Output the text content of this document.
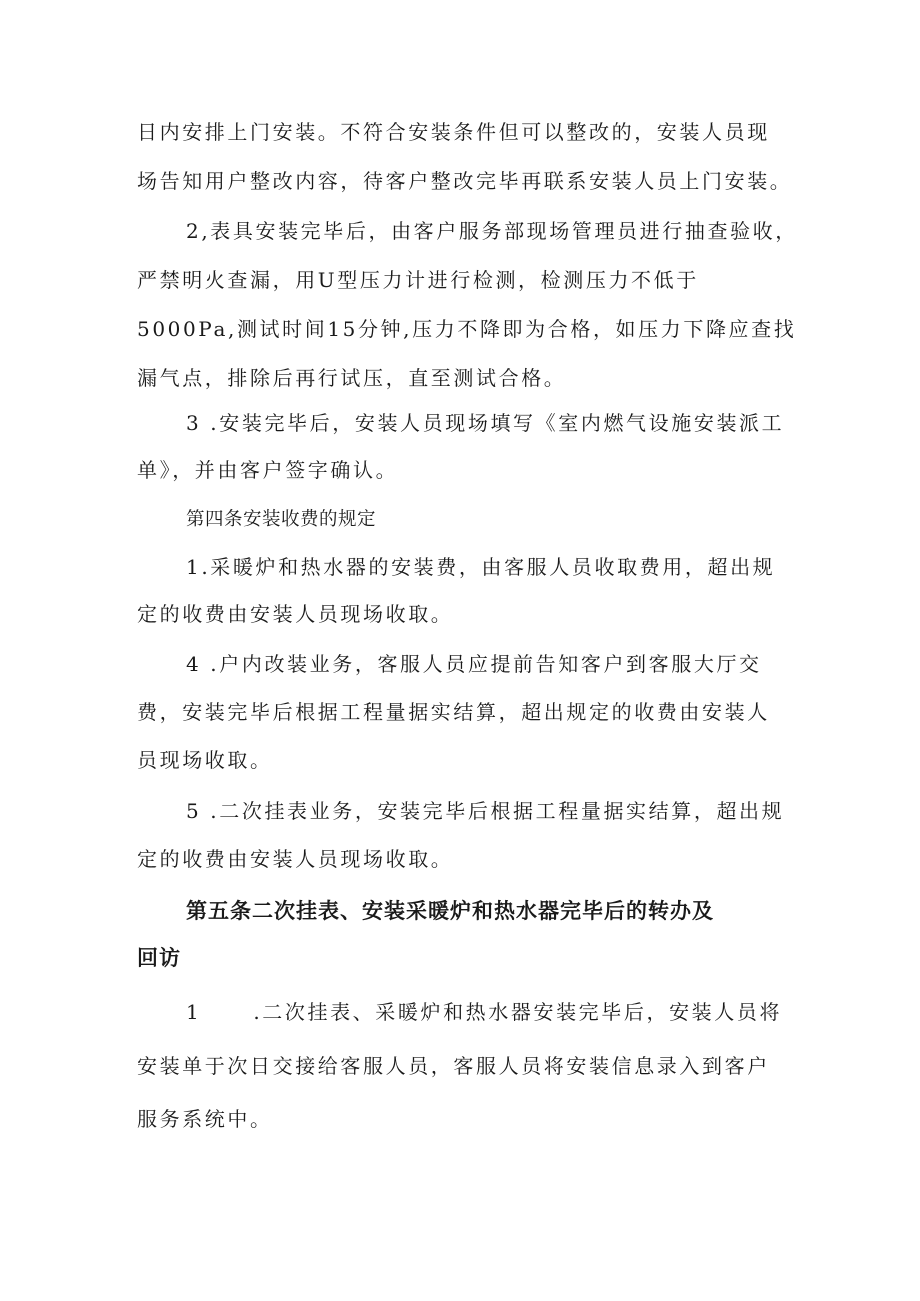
日内安排上门安装。不符合安装条件但可以整改的，安装人员现
场告知用户整改内容，待客户整改完毕再联系安装人员上门安装。
2,表具安装完毕后，由客户服务部现场管理员进行抽查验收，
严禁明火查漏，用U型压力计进行检测，检测压力不低于
5000Pa,测试时间15分钟,压力不降即为合格，如压力下降应查找
漏气点，排除后再行试压，直至测试合格。
3 .安装完毕后，安装人员现场填写《室内燃气设施安装派工
单》，并由客户签字确认。
第四条安装收费的规定
1.采暖炉和热水器的安装费，由客服人员收取费用，超出规
定的收费由安装人员现场收取。
4 .户内改装业务，客服人员应提前告知客户到客服大厅交
费，安装完毕后根据工程量据实结算，超出规定的收费由安装人
员现场收取。
5 .二次挂表业务，安装完毕后根据工程量据实结算，超出规
定的收费由安装人员现场收取。
第五条二次挂表、安装采暖炉和热水器完毕后的转办及
回访
1	.二次挂表、采暖炉和热水器安装完毕后，安装人员将
安装单于次日交接给客服人员，客服人员将安装信息录入到客户
服务系统中。
